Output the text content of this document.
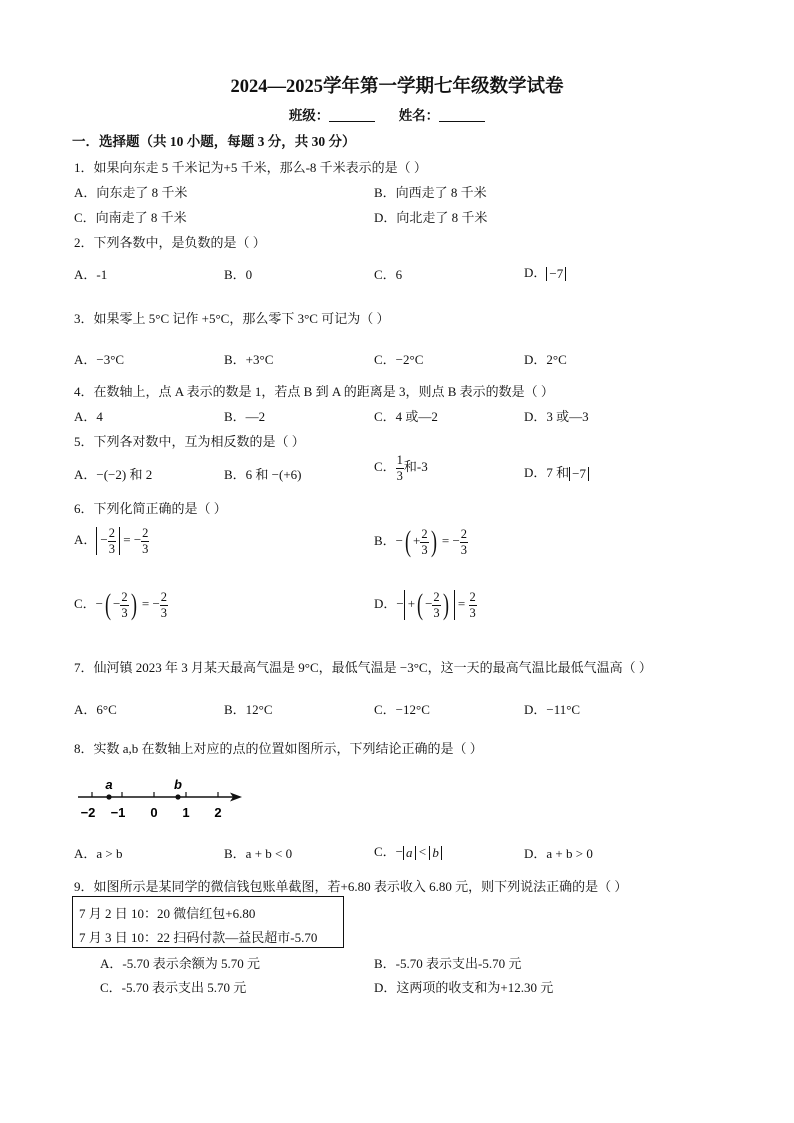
2024—2025学年第一学期七年级数学试卷
班级：	姓名：
一．选择题（共 10 小题，每题 3 分，共 30 分）
1．如果向东走 5 千米记为+5 千米，那么-8 千米表示的是（ ）
A．向东走了 8 千米	B．向西走了 8 千米
C．向南走了 8 千米	D．向北走了 8 千米
2．下列各数中，是负数的是（ ）
A．-1	B．0	C．6	D． −7
3．如果零上 5°C 记作 +5°C，那么零下 3°C 可记为（ ）
A．−3°C	B．+3°C	C．−2°C	D．2°C
4．在数轴上，点 A 表示的数是 1，若点 B 到 A 的距离是 3，则点 B 表示的数是（ ）
A．4	B．—2	C．4 或—2	D．3 或—3
5．下列各对数中，互为相反数的是（ ）
A．−(−2) 和 2	B．6 和 −(+6)
C． $\frac{1}{3}$ 和-3	D．7 和 −7
6．下列化简正确的是（ ）
A． − $\frac{2}{3}$ = − $\frac{2}{3}$	B．−( + $\frac{2}{3}$ ) = − $\frac{2}{3}$
C．−( − $\frac{2}{3}$ ) = − $\frac{2}{3}$	D．− +( − $\frac{2}{3}$ ) = $\frac{2}{3}$
7．仙河镇 2023 年 3 月某天最高气温是 9°C，最低气温是 −3°C，这一天的最高气温比最低气温高（ ）
A．6°C	B．12°C	C．−12°C	D．−11°C
8．实数 a,b 在数轴上对应的点的位置如图所示，下列结论正确的是（ ）
a	b
−2 −1 0 1 2
A．a > b	B．a + b < 0	C．− a < b	D．a + b > 0
9．如图所示是某同学的微信钱包账单截图，若+6.80 表示收入 6.80 元，则下列说法正确的是（ ）
7 月 2 日 10：20 微信红包+6.80
7 月 3 日 10：22 扫码付款—益民超市-5.70
A．-5.70 表示余额为 5.70 元	B．-5.70 表示支出-5.70 元
C．-5.70 表示支出 5.70 元	D．这两项的收支和为+12.30 元
